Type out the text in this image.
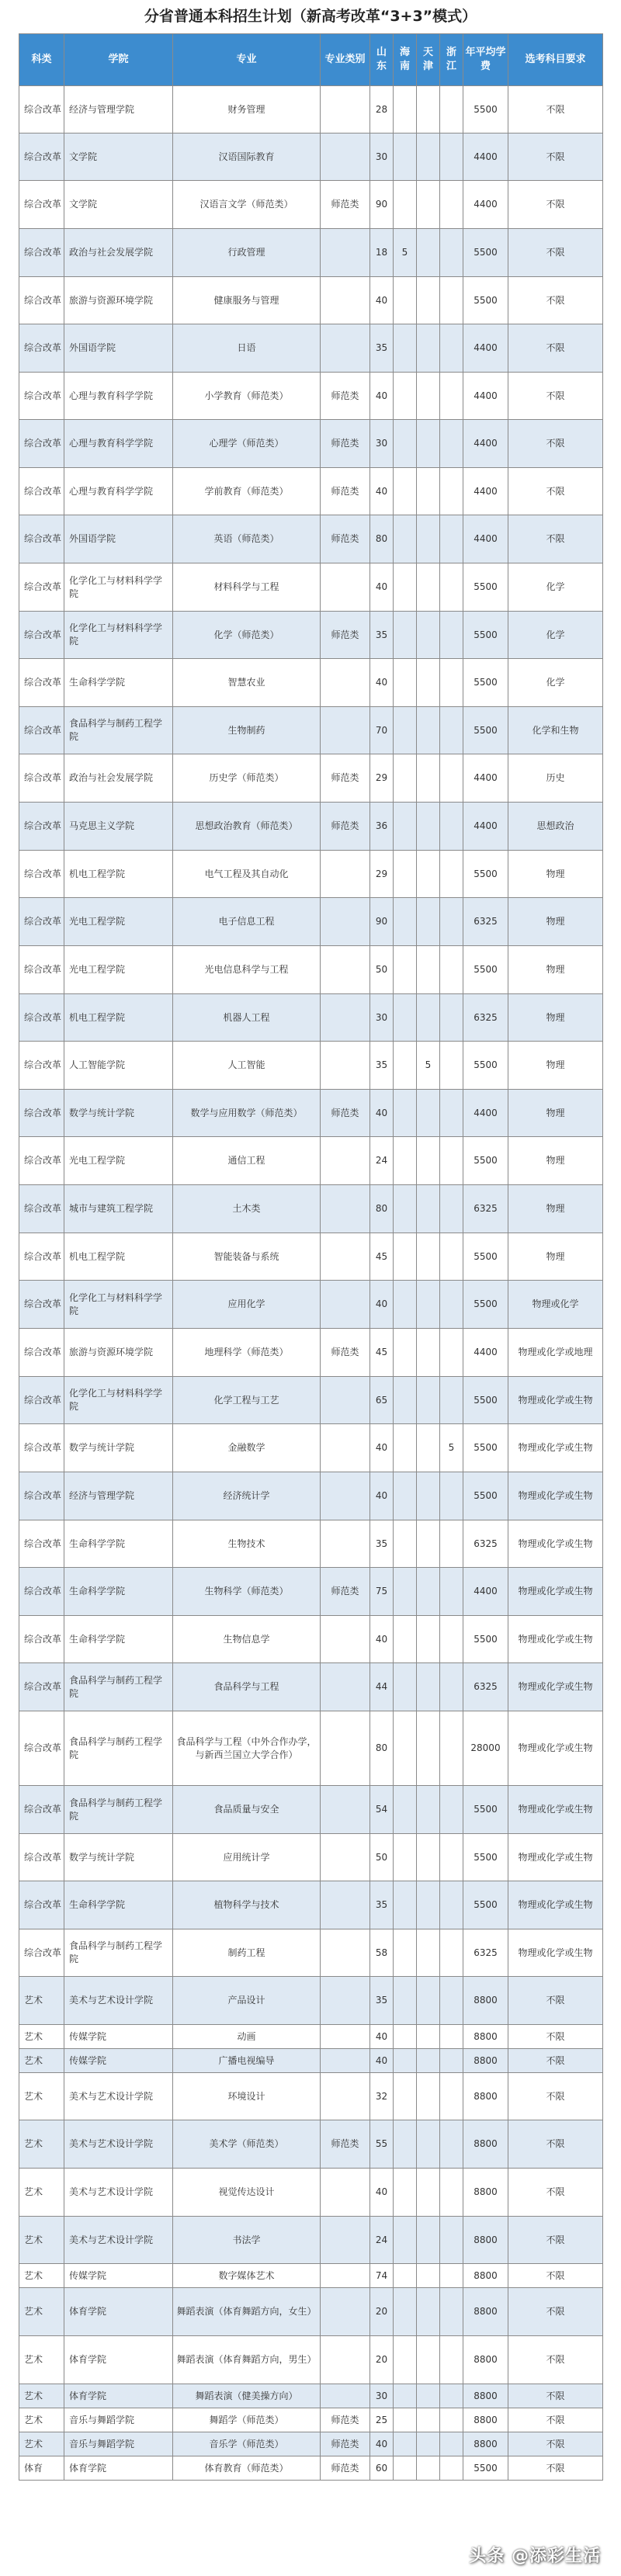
分省普通本科招生计划（新高考改革“3+3”模式）
科类	学院	专业	专业类别	山东	海南	天津	浙江	年平均学费	选考科目要求
综合改革	经济与管理学院	财务管理		28				5500	不限
综合改革	文学院	汉语国际教育		30				4400	不限
综合改革	文学院	汉语言文学（师范类）	师范类	90				4400	不限
综合改革	政治与社会发展学院	行政管理		18	5			5500	不限
综合改革	旅游与资源环境学院	健康服务与管理		40				5500	不限
综合改革	外国语学院	日语		35				4400	不限
综合改革	心理与教育科学学院	小学教育（师范类）	师范类	40				4400	不限
综合改革	心理与教育科学学院	心理学（师范类）	师范类	30				4400	不限
综合改革	心理与教育科学学院	学前教育（师范类）	师范类	40				4400	不限
综合改革	外国语学院	英语（师范类）	师范类	80				4400	不限
综合改革	化学化工与材料科学学院	材料科学与工程		40				5500	化学
综合改革	化学化工与材料科学学院	化学（师范类）	师范类	35				5500	化学
综合改革	生命科学学院	智慧农业		40				5500	化学
综合改革	食品科学与制药工程学院	生物制药		70				5500	化学和生物
综合改革	政治与社会发展学院	历史学（师范类）	师范类	29				4400	历史
综合改革	马克思主义学院	思想政治教育（师范类）	师范类	36				4400	思想政治
综合改革	机电工程学院	电气工程及其自动化		29				5500	物理
综合改革	光电工程学院	电子信息工程		90				6325	物理
综合改革	光电工程学院	光电信息科学与工程		50				5500	物理
综合改革	机电工程学院	机器人工程		30				6325	物理
综合改革	人工智能学院	人工智能		35		5		5500	物理
综合改革	数学与统计学院	数学与应用数学（师范类）	师范类	40				4400	物理
综合改革	光电工程学院	通信工程		24				5500	物理
综合改革	城市与建筑工程学院	土木类		80				6325	物理
综合改革	机电工程学院	智能装备与系统		45				5500	物理
综合改革	化学化工与材料科学学院	应用化学		40				5500	物理或化学
综合改革	旅游与资源环境学院	地理科学（师范类）	师范类	45				4400	物理或化学或地理
综合改革	化学化工与材料科学学院	化学工程与工艺		65				5500	物理或化学或生物
综合改革	数学与统计学院	金融数学		40			5	5500	物理或化学或生物
综合改革	经济与管理学院	经济统计学		40				5500	物理或化学或生物
综合改革	生命科学学院	生物技术		35				6325	物理或化学或生物
综合改革	生命科学学院	生物科学（师范类）	师范类	75				4400	物理或化学或生物
综合改革	生命科学学院	生物信息学		40				5500	物理或化学或生物
综合改革	食品科学与制药工程学院	食品科学与工程		44				6325	物理或化学或生物
综合改革	食品科学与制药工程学院	食品科学与工程（中外合作办学，与新西兰国立大学合作）		80				28000	物理或化学或生物
综合改革	食品科学与制药工程学院	食品质量与安全		54				5500	物理或化学或生物
综合改革	数学与统计学院	应用统计学		50				5500	物理或化学或生物
综合改革	生命科学学院	植物科学与技术		35				5500	物理或化学或生物
综合改革	食品科学与制药工程学院	制药工程		58				6325	物理或化学或生物
艺术	美术与艺术设计学院	产品设计		35				8800	不限
艺术	传媒学院	动画		40				8800	不限
艺术	传媒学院	广播电视编导		40				8800	不限
艺术	美术与艺术设计学院	环境设计		32				8800	不限
艺术	美术与艺术设计学院	美术学（师范类）	师范类	55				8800	不限
艺术	美术与艺术设计学院	视觉传达设计		40				8800	不限
艺术	美术与艺术设计学院	书法学		24				8800	不限
艺术	传媒学院	数字媒体艺术		74				8800	不限
艺术	体育学院	舞蹈表演（体育舞蹈方向，女生）		20				8800	不限
艺术	体育学院	舞蹈表演（体育舞蹈方向，男生）		20				8800	不限
艺术	体育学院	舞蹈表演（健美操方向）		30				8800	不限
艺术	音乐与舞蹈学院	舞蹈学（师范类）	师范类	25				8800	不限
艺术	音乐与舞蹈学院	音乐学（师范类）	师范类	40				8800	不限
体育	体育学院	体育教育（师范类）	师范类	60				5500	不限
头条 @添彩生活
